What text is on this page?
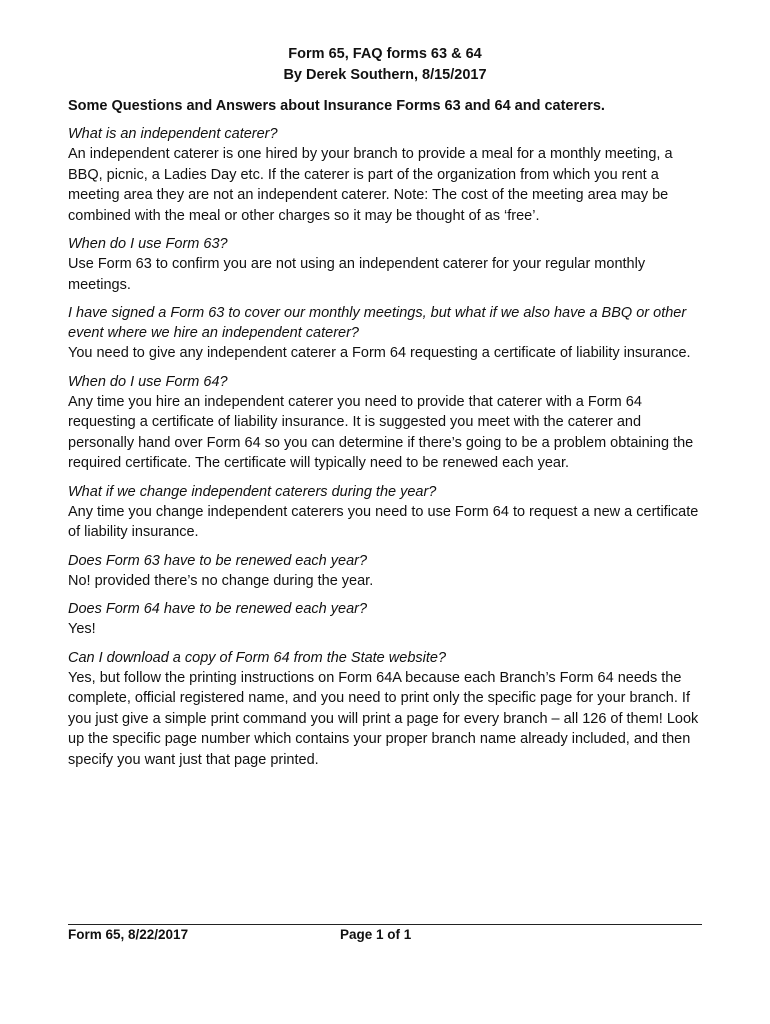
Form 65, FAQ forms 63 & 64

By Derek Southern, 8/15/2017

Some Questions and Answers about Insurance Forms 63 and 64 and caterers.

What is an independent caterer?

An independent caterer is one hired by your branch to provide a meal for a monthly meeting, a BBQ, picnic, a Ladies Day etc. If the caterer is part of the organization from which you rent a meeting area they are not an independent caterer. Note: The cost of the meeting area may be combined with the meal or other charges so it may be thought of as ‘free’.

When do I use Form 63?

Use Form 63 to confirm you are not using an independent caterer for your regular monthly meetings.

I have signed a Form 63 to cover our monthly meetings, but what if we also have a BBQ or other event where we hire an independent caterer?

You need to give any independent caterer a Form 64 requesting a certificate of liability insurance.

When do I use Form 64?

Any time you hire an independent caterer you need to provide that caterer with a Form 64 requesting a certificate of liability insurance. It is suggested you meet with the caterer and personally hand over Form 64 so you can determine if there’s going to be a problem obtaining the required certificate. The certificate will typically need to be renewed each year.

What if we change independent caterers during the year?

Any time you change independent caterers you need to use Form 64 to request a new a certificate of liability insurance.

Does Form 63 have to be renewed each year?

No! provided there’s no change during the year.

Does Form 64 have to be renewed each year?

Yes!

Can I download a copy of Form 64 from the State website?

Yes, but follow the printing instructions on Form 64A because each Branch’s Form 64 needs the complete, official registered name, and you need to print only the specific page for your branch. If you just give a simple print command you will print a page for every branch – all 126 of them! Look up the specific page number which contains your proper branch name already included, and then specify you want just that page printed.

Form 65, 8/22/2017	Page 1 of 1
